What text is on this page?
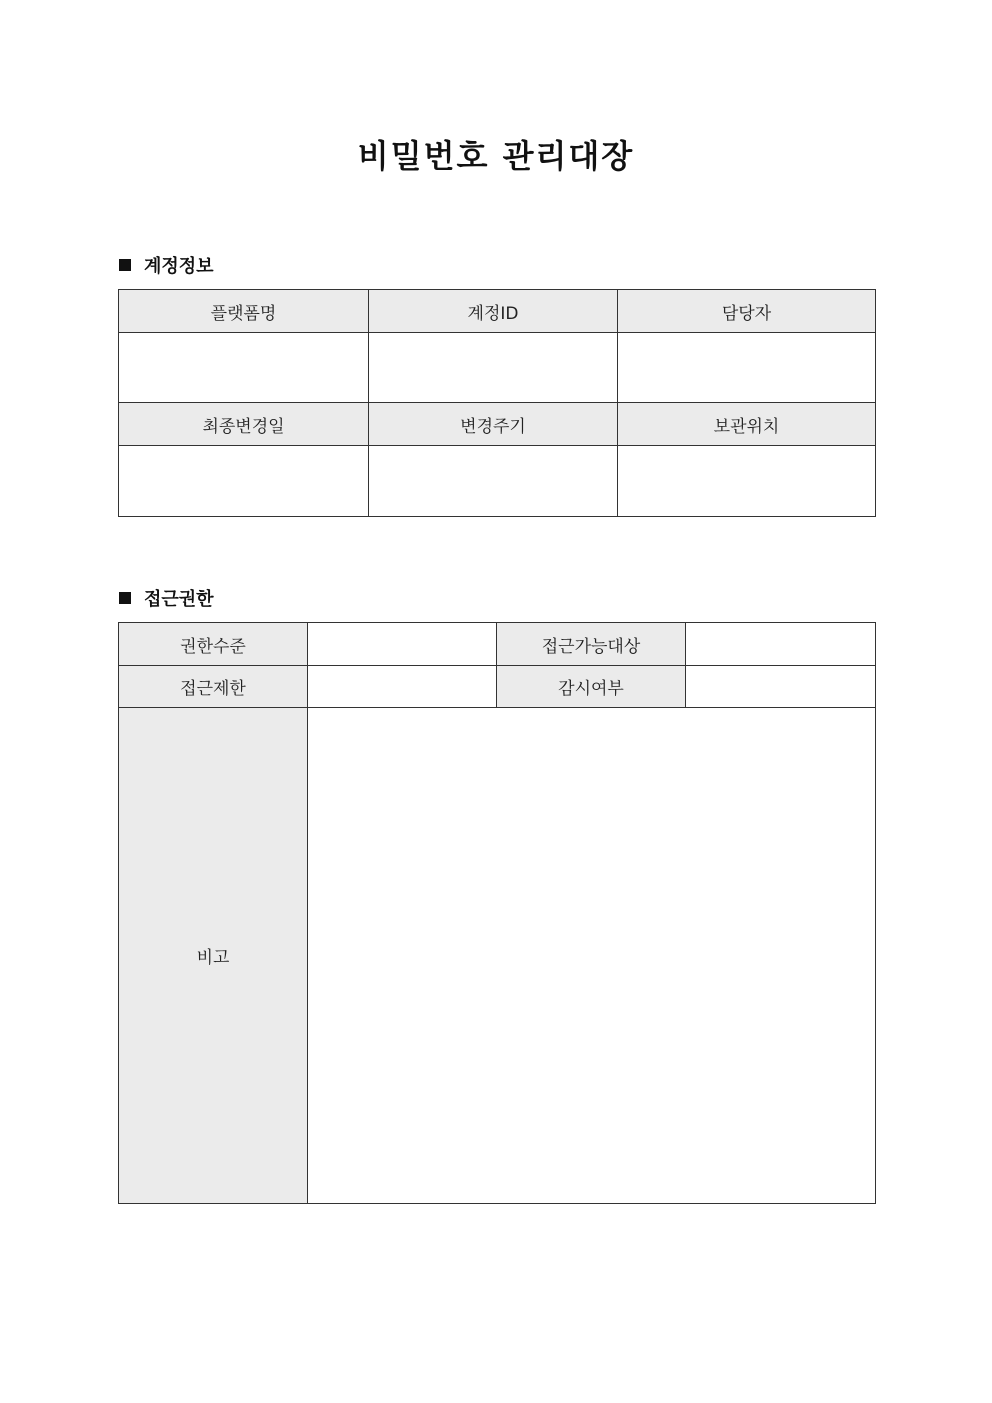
비밀번호 관리대장
계정정보
플랫폼명	계정ID	담당자

최종변경일	변경주기	보관위치

접근권한
권한수준		접근가능대상	
접근제한		감시여부	
비고			
